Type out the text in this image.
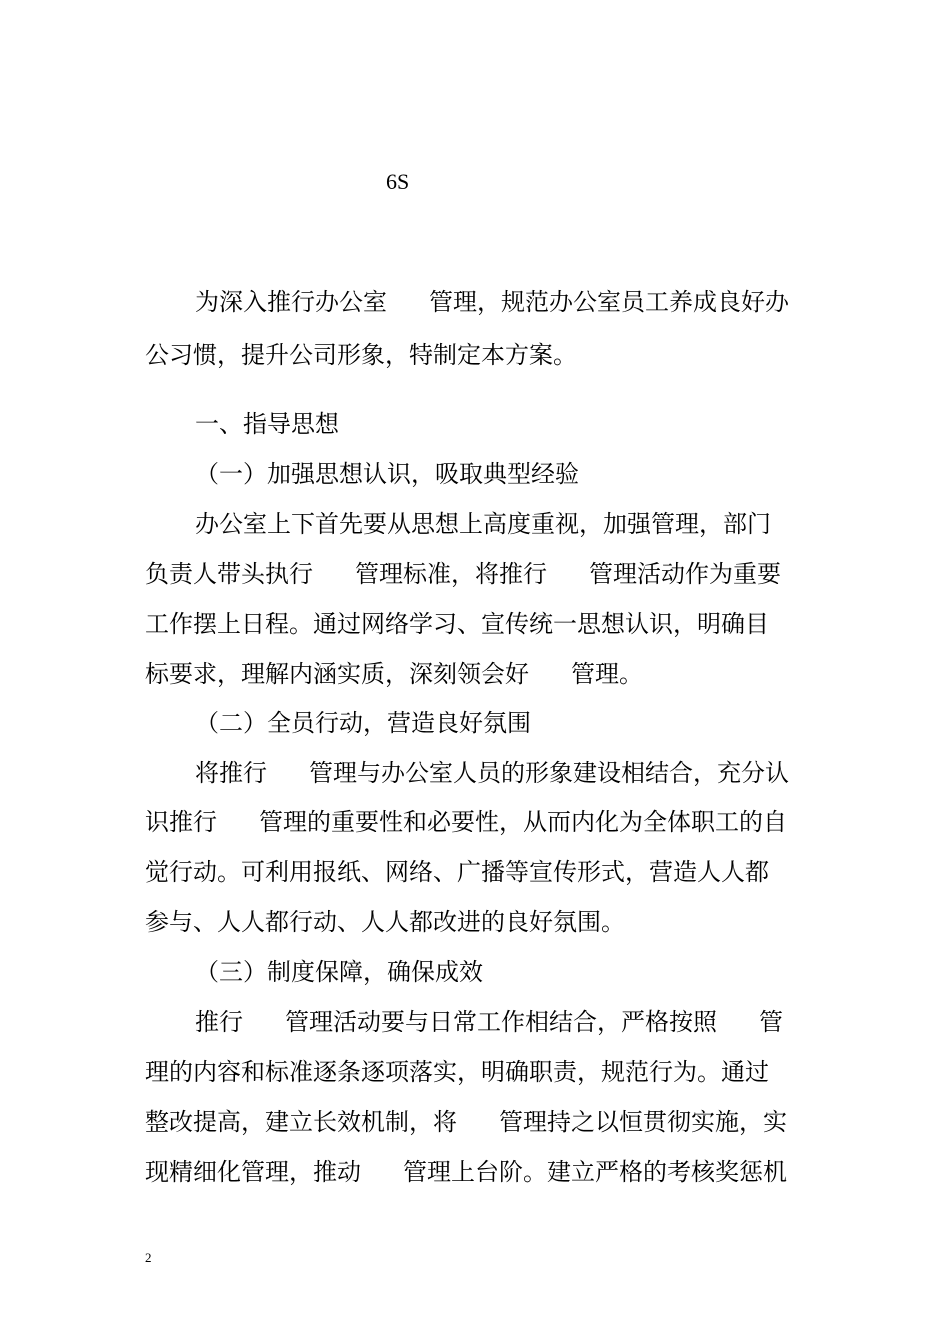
6S
为深入推行办公室 管理，规范办公室员工养成良好办
公习惯，提升公司形象，特制定本方案。
一、指导思想
（一）加强思想认识，吸取典型经验
办公室上下首先要从思想上高度重视，加强管理，部门
负责人带头执行 管理标准，将推行 管理活动作为重要
工作摆上日程。通过网络学习、宣传统一思想认识，明确目
标要求，理解内涵实质，深刻领会好 管理。
（二）全员行动，营造良好氛围
将推行 管理与办公室人员的形象建设相结合，充分认
识推行 管理的重要性和必要性，从而内化为全体职工的自
觉行动。可利用报纸、网络、广播等宣传形式，营造人人都
参与、人人都行动、人人都改进的良好氛围。
（三）制度保障，确保成效
推行 管理活动要与日常工作相结合，严格按照 管
理的内容和标准逐条逐项落实，明确职责，规范行为。通过
整改提高，建立长效机制，将 管理持之以恒贯彻实施，实
现精细化管理，推动 管理上台阶。建立严格的考核奖惩机
2
